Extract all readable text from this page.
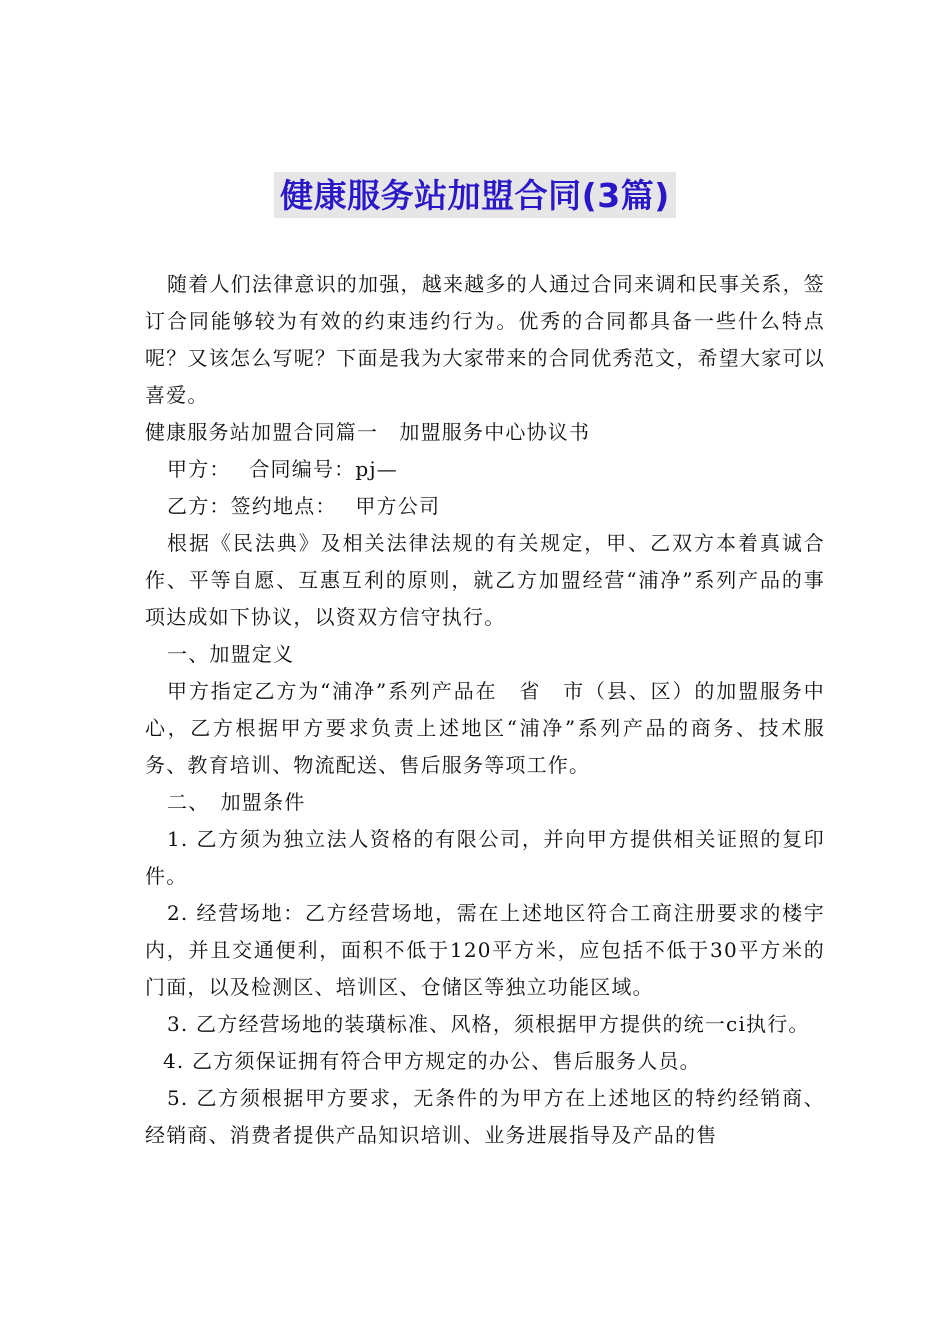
健康服务站加盟合同(3篇)

随着人们法律意识的加强，越来越多的人通过合同来调和民事关系，签订合同能够较为有效的约束违约行为。优秀的合同都具备一些什么特点呢？又该怎么写呢？下面是我为大家带来的合同优秀范文，希望大家可以喜爱。

健康服务站加盟合同篇一　加盟服务中心协议书

甲方：　 合同编号：pj—

乙方：签约地点：　 甲方公司

根据《民法典》及相关法律法规的有关规定，甲、乙双方本着真诚合作、平等自愿、互惠互利的原则，就乙方加盟经营“浦净”系列产品的事项达成如下协议，以资双方信守执行。

一、加盟定义

甲方指定乙方为“浦净”系列产品在　省　市（县、区）的加盟服务中心，乙方根据甲方要求负责上述地区“浦净”系列产品的商务、技术服务、教育培训、物流配送、售后服务等项工作。

二、　加盟条件

1. 乙方须为独立法人资格的有限公司，并向甲方提供相关证照的复印件。

2. 经营场地：乙方经营场地，需在上述地区符合工商注册要求的楼宇内，并且交通便利，面积不低于120平方米，应包括不低于30平方米的门面，以及检测区、培训区、仓储区等独立功能区域。

3. 乙方经营场地的装璜标准、风格，须根据甲方提供的统一ci执行。

4. 乙方须保证拥有符合甲方规定的办公、售后服务人员。

5. 乙方须根据甲方要求，无条件的为甲方在上述地区的特约经销商、经销商、消费者提供产品知识培训、业务进展指导及产品的售
